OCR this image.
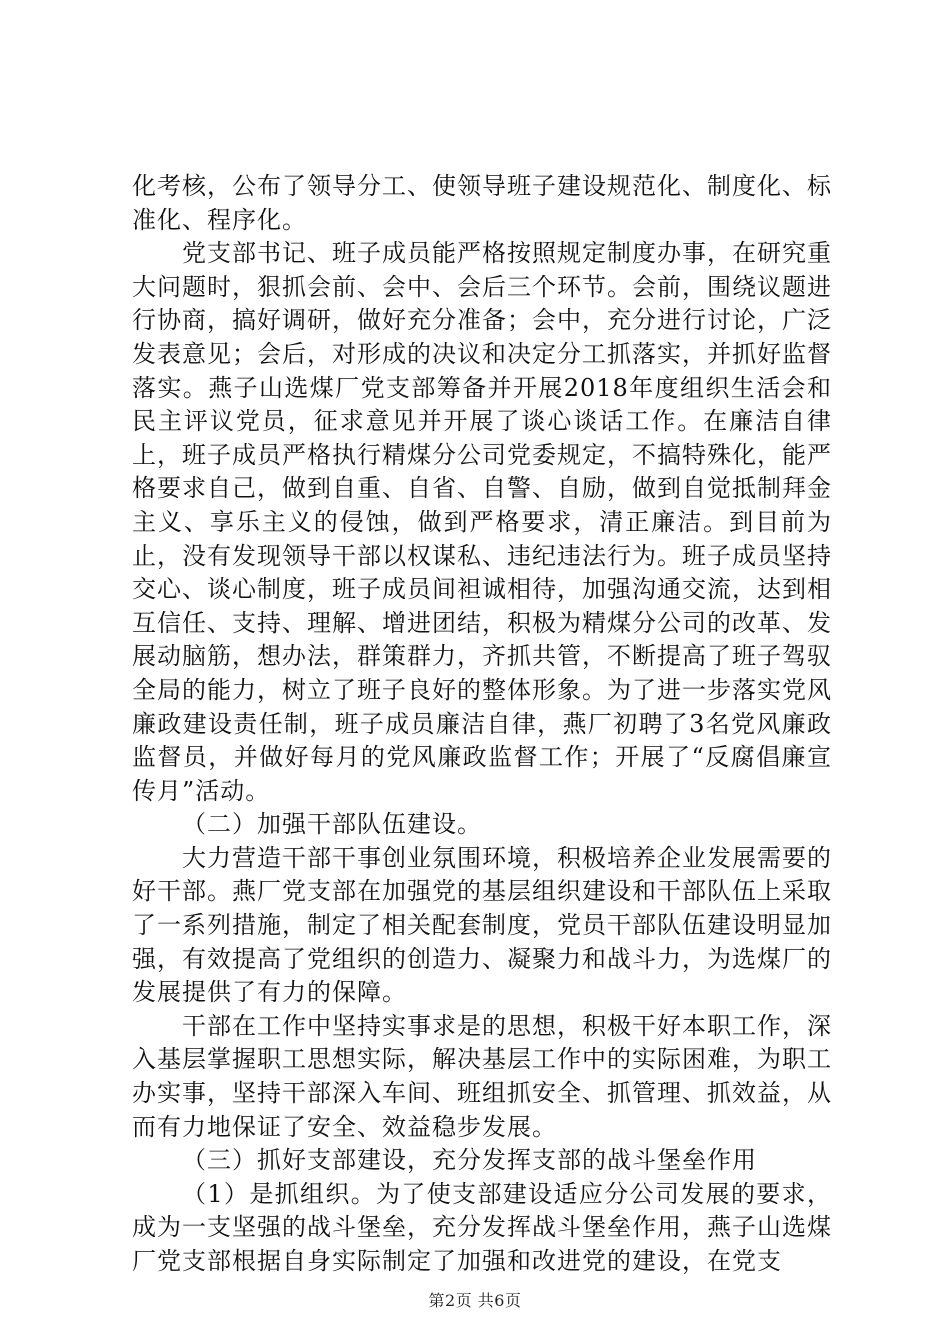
化考核，公布了领导分工、使领导班子建设规范化、制度化、标准化、程序化。

党支部书记、班子成员能严格按照规定制度办事，在研究重大问题时，狠抓会前、会中、会后三个环节。会前，围绕议题进行协商，搞好调研，做好充分准备；会中，充分进行讨论，广泛发表意见；会后，对形成的决议和决定分工抓落实，并抓好监督落实。燕子山选煤厂党支部筹备并开展2018年度组织生活会和民主评议党员，征求意见并开展了谈心谈话工作。在廉洁自律上，班子成员严格执行精煤分公司党委规定，不搞特殊化，能严格要求自己，做到自重、自省、自警、自励，做到自觉抵制拜金主义、享乐主义的侵蚀，做到严格要求，清正廉洁。到目前为止，没有发现领导干部以权谋私、违纪违法行为。班子成员坚持交心、谈心制度，班子成员间袒诚相待，加强沟通交流，达到相互信任、支持、理解、增进团结，积极为精煤分公司的改革、发展动脑筋，想办法，群策群力，齐抓共管，不断提高了班子驾驭全局的能力，树立了班子良好的整体形象。为了进一步落实党风廉政建设责任制，班子成员廉洁自律，燕厂初聘了3名党风廉政监督员，并做好每月的党风廉政监督工作；开展了“反腐倡廉宣传月”活动。

（二）加强干部队伍建设。

大力营造干部干事创业氛围环境，积极培养企业发展需要的好干部。燕厂党支部在加强党的基层组织建设和干部队伍上采取了一系列措施，制定了相关配套制度，党员干部队伍建设明显加强，有效提高了党组织的创造力、凝聚力和战斗力，为选煤厂的发展提供了有力的保障。

干部在工作中坚持实事求是的思想，积极干好本职工作，深入基层掌握职工思想实际，解决基层工作中的实际困难，为职工办实事，坚持干部深入车间、班组抓安全、抓管理、抓效益，从而有力地保证了安全、效益稳步发展。

（三）抓好支部建设，充分发挥支部的战斗堡垒作用

（1）是抓组织。为了使支部建设适应分公司发展的要求，成为一支坚强的战斗堡垒，充分发挥战斗堡垒作用，燕子山选煤厂党支部根据自身实际制定了加强和改进党的建设，在党支

第2页 共6页
